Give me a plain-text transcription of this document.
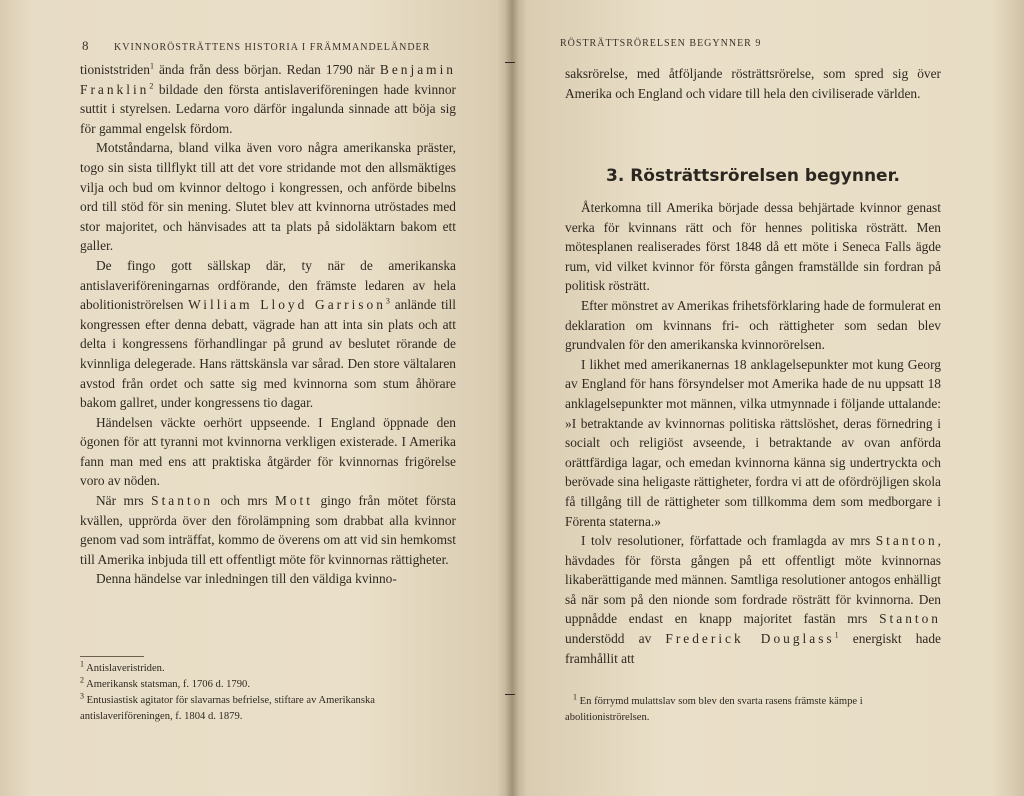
8	KVINNORÖSTRÄTTENS HISTORIA I FRÄMMANDELÄNDER

tioniststriden$^1$ ända från dess början. Redan 1790 när Benjamin Franklin$^2$ bildade den första antislaveriföreningen hade kvinnor suttit i styrelsen. Ledarna voro därför ingalunda sinnade att böja sig för gammal engelsk fördom.

Motståndarna, bland vilka även voro några amerikanska präster, togo sin sista tillflykt till att det vore stridande mot den allsmäktiges vilja och bud om kvinnor deltogo i kongressen, och anförde bibelns ord till stöd för sin mening. Slutet blev att kvinnorna utröstades med stor majoritet, och hänvisades att ta plats på sidoläktarn bakom ett galler.

De fingo gott sällskap där, ty när de amerikanska antislaveriföreningarnas ordförande, den främste ledaren av hela abolitioniströrelsen William Lloyd Garrison$^3$ anlände till kongressen efter denna debatt, vägrade han att inta sin plats och att delta i kongressens förhandlingar på grund av beslutet rörande de kvinnliga delegerade. Hans rättskänsla var sårad. Den store vältalaren avstod från ordet och satte sig med kvinnorna som stum åhörare bakom gallret, under kongressens tio dagar.

Händelsen väckte oerhört uppseende. I England öppnade den ögonen för att tyranni mot kvinnorna verkligen existerade. I Amerika fann man med ens att praktiska åtgärder för kvinnornas frigörelse voro av nöden.

När mrs Stanton och mrs Mott gingo från mötet första kvällen, upprörda över den förolämpning som drabbat alla kvinnor genom vad som inträffat, kommo de överens om att vid sin hemkomst till Amerika inbjuda till ett offentligt möte för kvinnornas rättigheter.

Denna händelse var inledningen till den väldiga kvinno-

$^1$ Antislaveristriden.

$^2$ Amerikansk statsman, f. 1706 d. 1790.

$^3$ Entusiastisk agitator för slavarnas befrielse, stiftare av Amerikanska antislaveriföreningen, f. 1804 d. 1879.

RÖSTRÄTTSRÖRELSEN BEGYNNER 9

saksrörelse, med åtföljande rösträttsrörelse, som spred sig över Amerika och England och vidare till hela den civiliserade världen.

3. Rösträttsrörelsen begynner.

Återkomna till Amerika började dessa behjärtade kvinnor genast verka för kvinnans rätt och för hennes politiska rösträtt. Men mötesplanen realiserades först 1848 då ett möte i Seneca Falls ägde rum, vid vilket kvinnor för första gången framställde sin fordran på politisk rösträtt.

Efter mönstret av Amerikas frihetsförklaring hade de formulerat en deklaration om kvinnans fri- och rättigheter som sedan blev grundvalen för den amerikanska kvinnorörelsen.

I likhet med amerikanernas 18 anklagelsepunkter mot kung Georg av England för hans försyndelser mot Amerika hade de nu uppsatt 18 anklagelsepunkter mot männen, vilka utmynnade i följande uttalande: »I betraktande av kvinnornas politiska rättslöshet, deras förnedring i socialt och religiöst avseende, i betraktande av ovan anförda orättfärdiga lagar, och emedan kvinnorna känna sig undertryckta och berövade sina heligaste rättigheter, fordra vi att de ofördröjligen skola få tillgång till de rättigheter som tillkomma dem som medborgare i Förenta staterna.»

I tolv resolutioner, författade och framlagda av mrs Stanton, hävdades för första gången på ett offentligt möte kvinnornas likaberättigande med männen. Samtliga resolutioner antogos enhälligt så när som på den nionde som fordrade rösträtt för kvinnorna. Den uppnådde endast en knapp majoritet fastän mrs Stanton understödd av Frederick Douglass$^1$ energiskt hade framhållit att

$^1$ En förrymd mulattslav som blev den svarta rasens främste kämpe i abolitioniströrelsen.
